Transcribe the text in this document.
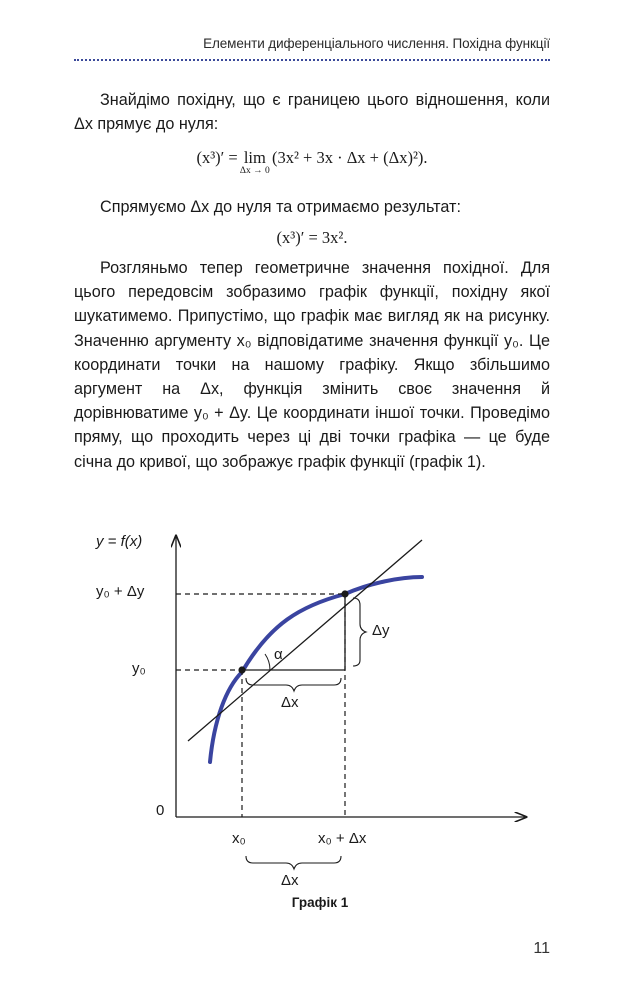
Елементи диференціального числення. Похідна функції

Знайдімо похідну, що є границею цього відношення, коли Δx прямує до нуля:

(x³)′ = lim
Δx → 0
(3x² + 3x · Δx + (Δx)²).

Спрямуємо Δx до нуля та отримаємо результат:

(x³)′ = 3x².

Розгляньмо тепер геометричне значення похідної. Для цього передовсім зобразимо графік функції, похідну якої шукатимемо. Припустімо, що графік має вигляд як на рисунку. Значенню аргументу x₀ відповідатиме значення функції y₀. Це координати точки на нашому графіку. Якщо збільшимо аргумент на Δx, функція змінить своє значення й дорівнюватиме y₀ + Δy. Це координати іншої точки. Проведімо пряму, що проходить через ці дві точки графіка — це буде січна до кривої, що зображує графік функції (графік 1).

y = f(x)
y₀ + Δy
y₀
0
α
Δx
Δy
x₀	x₀ + Δx
Δx
Графік 1
11
